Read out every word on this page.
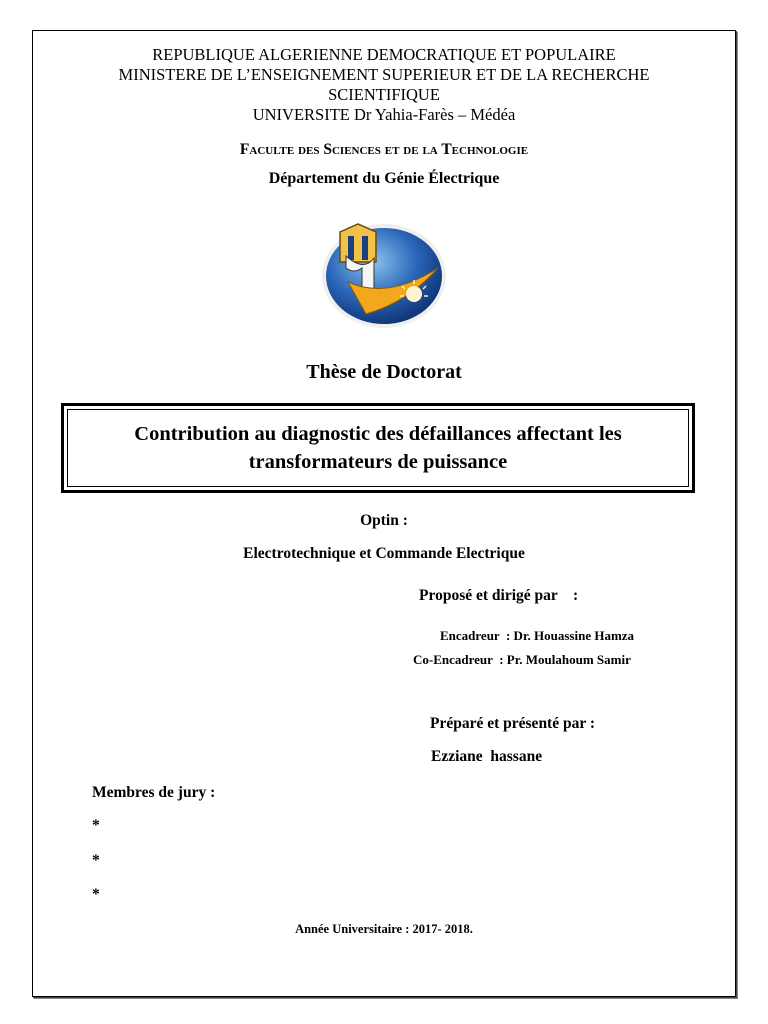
REPUBLIQUE ALGERIENNE DEMOCRATIQUE ET POPULAIRE
MINISTERE DE L’ENSEIGNEMENT SUPERIEUR ET DE LA RECHERCHE
SCIENTIFIQUE
UNIVERSITE Dr Yahia-Farès – Médéa
Faculte des Sciences et de la Technologie
Département du Génie Électrique
Thèse de Doctorat
Contribution au diagnostic des défaillances affectant les transformateurs de puissance
Optin :
Electrotechnique et Commande Electrique
Proposé et dirigé par    :
Encadreur  : Dr. Houassine Hamza
Co-Encadreur  : Pr. Moulahoum Samir
Préparé et présenté par :
Ezziane  hassane
Membres de jury :
*
*
*
Année Universitaire : 2017- 2018.
